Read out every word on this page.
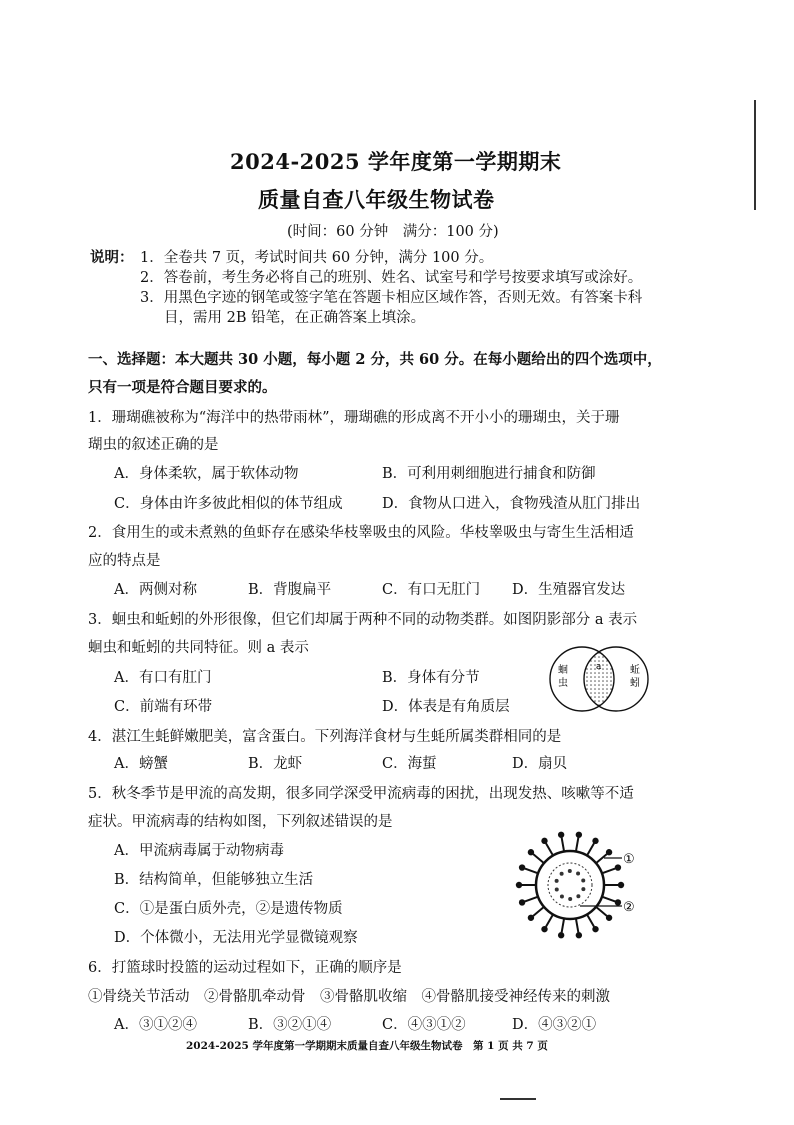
2024-2025 学年度第一学期期末
质量自查八年级生物试卷
(时间：60 分钟　满分：100 分)
说明： 1．全卷共 7 页，考试时间共 60 分钟，满分 100 分。
2．答卷前，考生务必将自己的班别、姓名、试室号和学号按要求填写或涂好。
3．用黑色字迹的钢笔或签字笔在答题卡相应区域作答，否则无效。有答案卡科
目，需用 2B 铅笔，在正确答案上填涂。
一、选择题：本大题共 30 小题，每小题 2 分，共 60 分。在每小题给出的四个选项中，
只有一项是符合题目要求的。
1．珊瑚礁被称为“海洋中的热带雨林”，珊瑚礁的形成离不开小小的珊瑚虫，关于珊
瑚虫的叙述正确的是
A．身体柔软，属于软体动物	B．可利用刺细胞进行捕食和防御
C．身体由许多彼此相似的体节组成	D．食物从口进入，食物残渣从肛门排出
2．食用生的或未煮熟的鱼虾存在感染华枝睾吸虫的风险。华枝睾吸虫与寄生生活相适
应的特点是
A．两侧对称	B．背腹扁平	C．有口无肛门 D．生殖器官发达
3．蛔虫和蚯蚓的外形很像，但它们却属于两种不同的动物类群。如图阴影部分 a 表示
蛔虫和蚯蚓的共同特征。则 a 表示
A．有口有肛门	B．身体有分节
C．前端有环带	D．体表是有角质层
蛔
虫
蚯
蚓
a
4．湛江生蚝鲜嫩肥美，富含蛋白。下列海洋食材与生蚝所属类群相同的是
A．螃蟹	B．龙虾	C．海蜇	D．扇贝
5．秋冬季节是甲流的高发期，很多同学深受甲流病毒的困扰，出现发热、咳嗽等不适
症状。甲流病毒的结构如图，下列叙述错误的是
A．甲流病毒属于动物病毒
B．结构简单，但能够独立生活
C．①是蛋白质外壳，②是遗传物质
D．个体微小，无法用光学显微镜观察
①
②
6．打篮球时投篮的运动过程如下，正确的顺序是
①骨绕关节活动　②骨骼肌牵动骨　③骨骼肌收缩　④骨骼肌接受神经传来的刺激
A．③①②④	B．③②①④	C．④③①②	D．④③②①
2024-2025 学年度第一学期期末质量自查八年级生物试卷　第 1 页 共 7 页
